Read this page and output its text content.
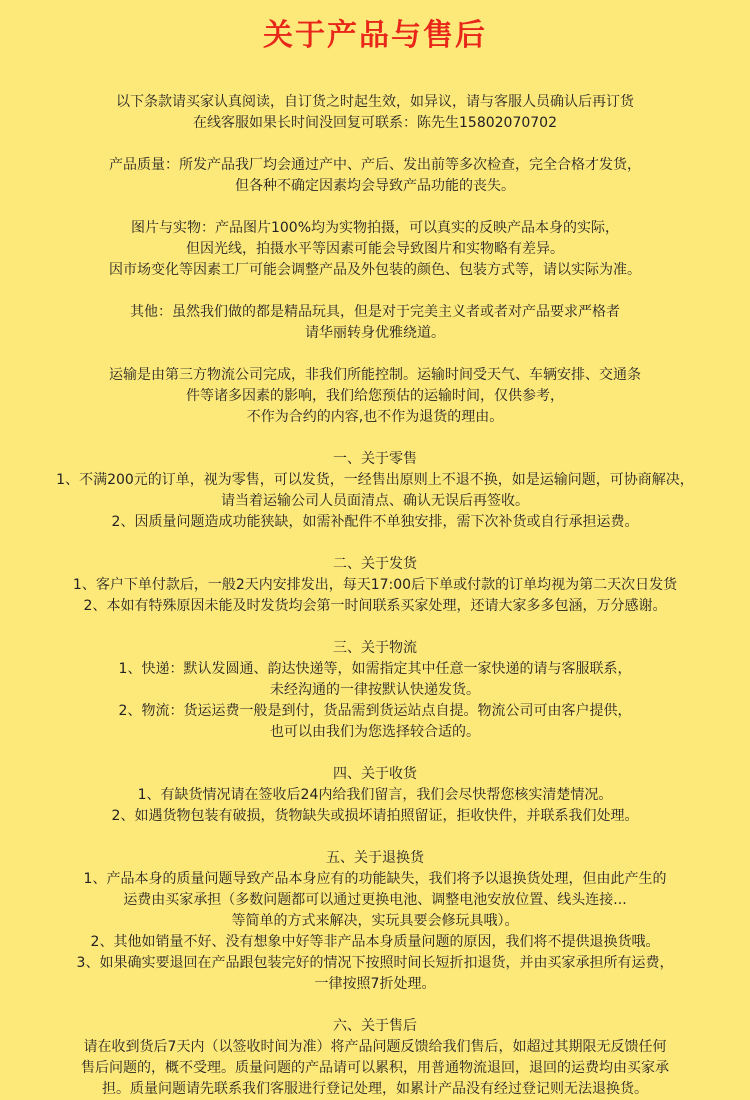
关于产品与售后

以下条款请买家认真阅读，自订货之时起生效，如异议，请与客服人员确认后再订货

在线客服如果长时间没回复可联系：陈先生15802070702

产品质量：所发产品我厂均会通过产中、产后、发出前等多次检查，完全合格才发货，

但各种不确定因素均会导致产品功能的丧失。

图片与实物：产品图片100%均为实物拍摄，可以真实的反映产品本身的实际，

但因光线，拍摄水平等因素可能会导致图片和实物略有差异。

因市场变化等因素工厂可能会调整产品及外包装的颜色、包装方式等，请以实际为准。

其他：虽然我们做的都是精品玩具，但是对于完美主义者或者对产品要求严格者

请华丽转身优雅绕道。

运输是由第三方物流公司完成，非我们所能控制。运输时间受天气、车辆安排、交通条

件等诸多因素的影响，我们给您预估的运输时间，仅供参考，

不作为合约的内容,也不作为退货的理由。

一、关于零售

1、不满200元的订单，视为零售，可以发货，一经售出原则上不退不换，如是运输问题，可协商解决，

请当着运输公司人员面清点、确认无误后再签收。

2、因质量问题造成功能狭缺，如需补配件不单独安排，需下次补货或自行承担运费。

二、关于发货

1、客户下单付款后，一般2天内安排发出，每天17:00后下单或付款的订单均视为第二天次日发货

2、本如有特殊原因未能及时发货均会第一时间联系买家处理，还请大家多多包涵，万分感谢。

三、关于物流

1、快递：默认发圆通、韵达快递等，如需指定其中任意一家快递的请与客服联系，

未经沟通的一律按默认快递发货。

2、物流：货运运费一般是到付，货品需到货运站点自提。物流公司可由客户提供，

也可以由我们为您选择较合适的。

四、关于收货

1、有缺货情况请在签收后24内给我们留言，我们会尽快帮您核实清楚情况。

2、如遇货物包装有破损，货物缺失或损坏请拍照留证，拒收快件，并联系我们处理。

五、关于退换货

1、产品本身的质量问题导致产品本身应有的功能缺失，我们将予以退换货处理，但由此产生的

运费由买家承担（多数问题都可以通过更换电池、调整电池安放位置、线头连接...

等简单的方式来解决，实玩具要会修玩具哦）。

2、其他如销量不好、没有想象中好等非产品本身质量问题的原因，我们将不提供退换货哦。

3、如果确实要退回在产品跟包装完好的情况下按照时间长短折扣退货，并由买家承担所有运费，

一律按照7折处理。

六、关于售后

请在收到货后7天内（以签收时间为准）将产品问题反馈给我们售后，如超过其期限无反馈任何

售后问题的，概不受理。质量问题的产品请可以累积，用普通物流退回，退回的运费均由买家承

担。质量问题请先联系我们客服进行登记处理，如累计产品没有经过登记则无法退换货。
